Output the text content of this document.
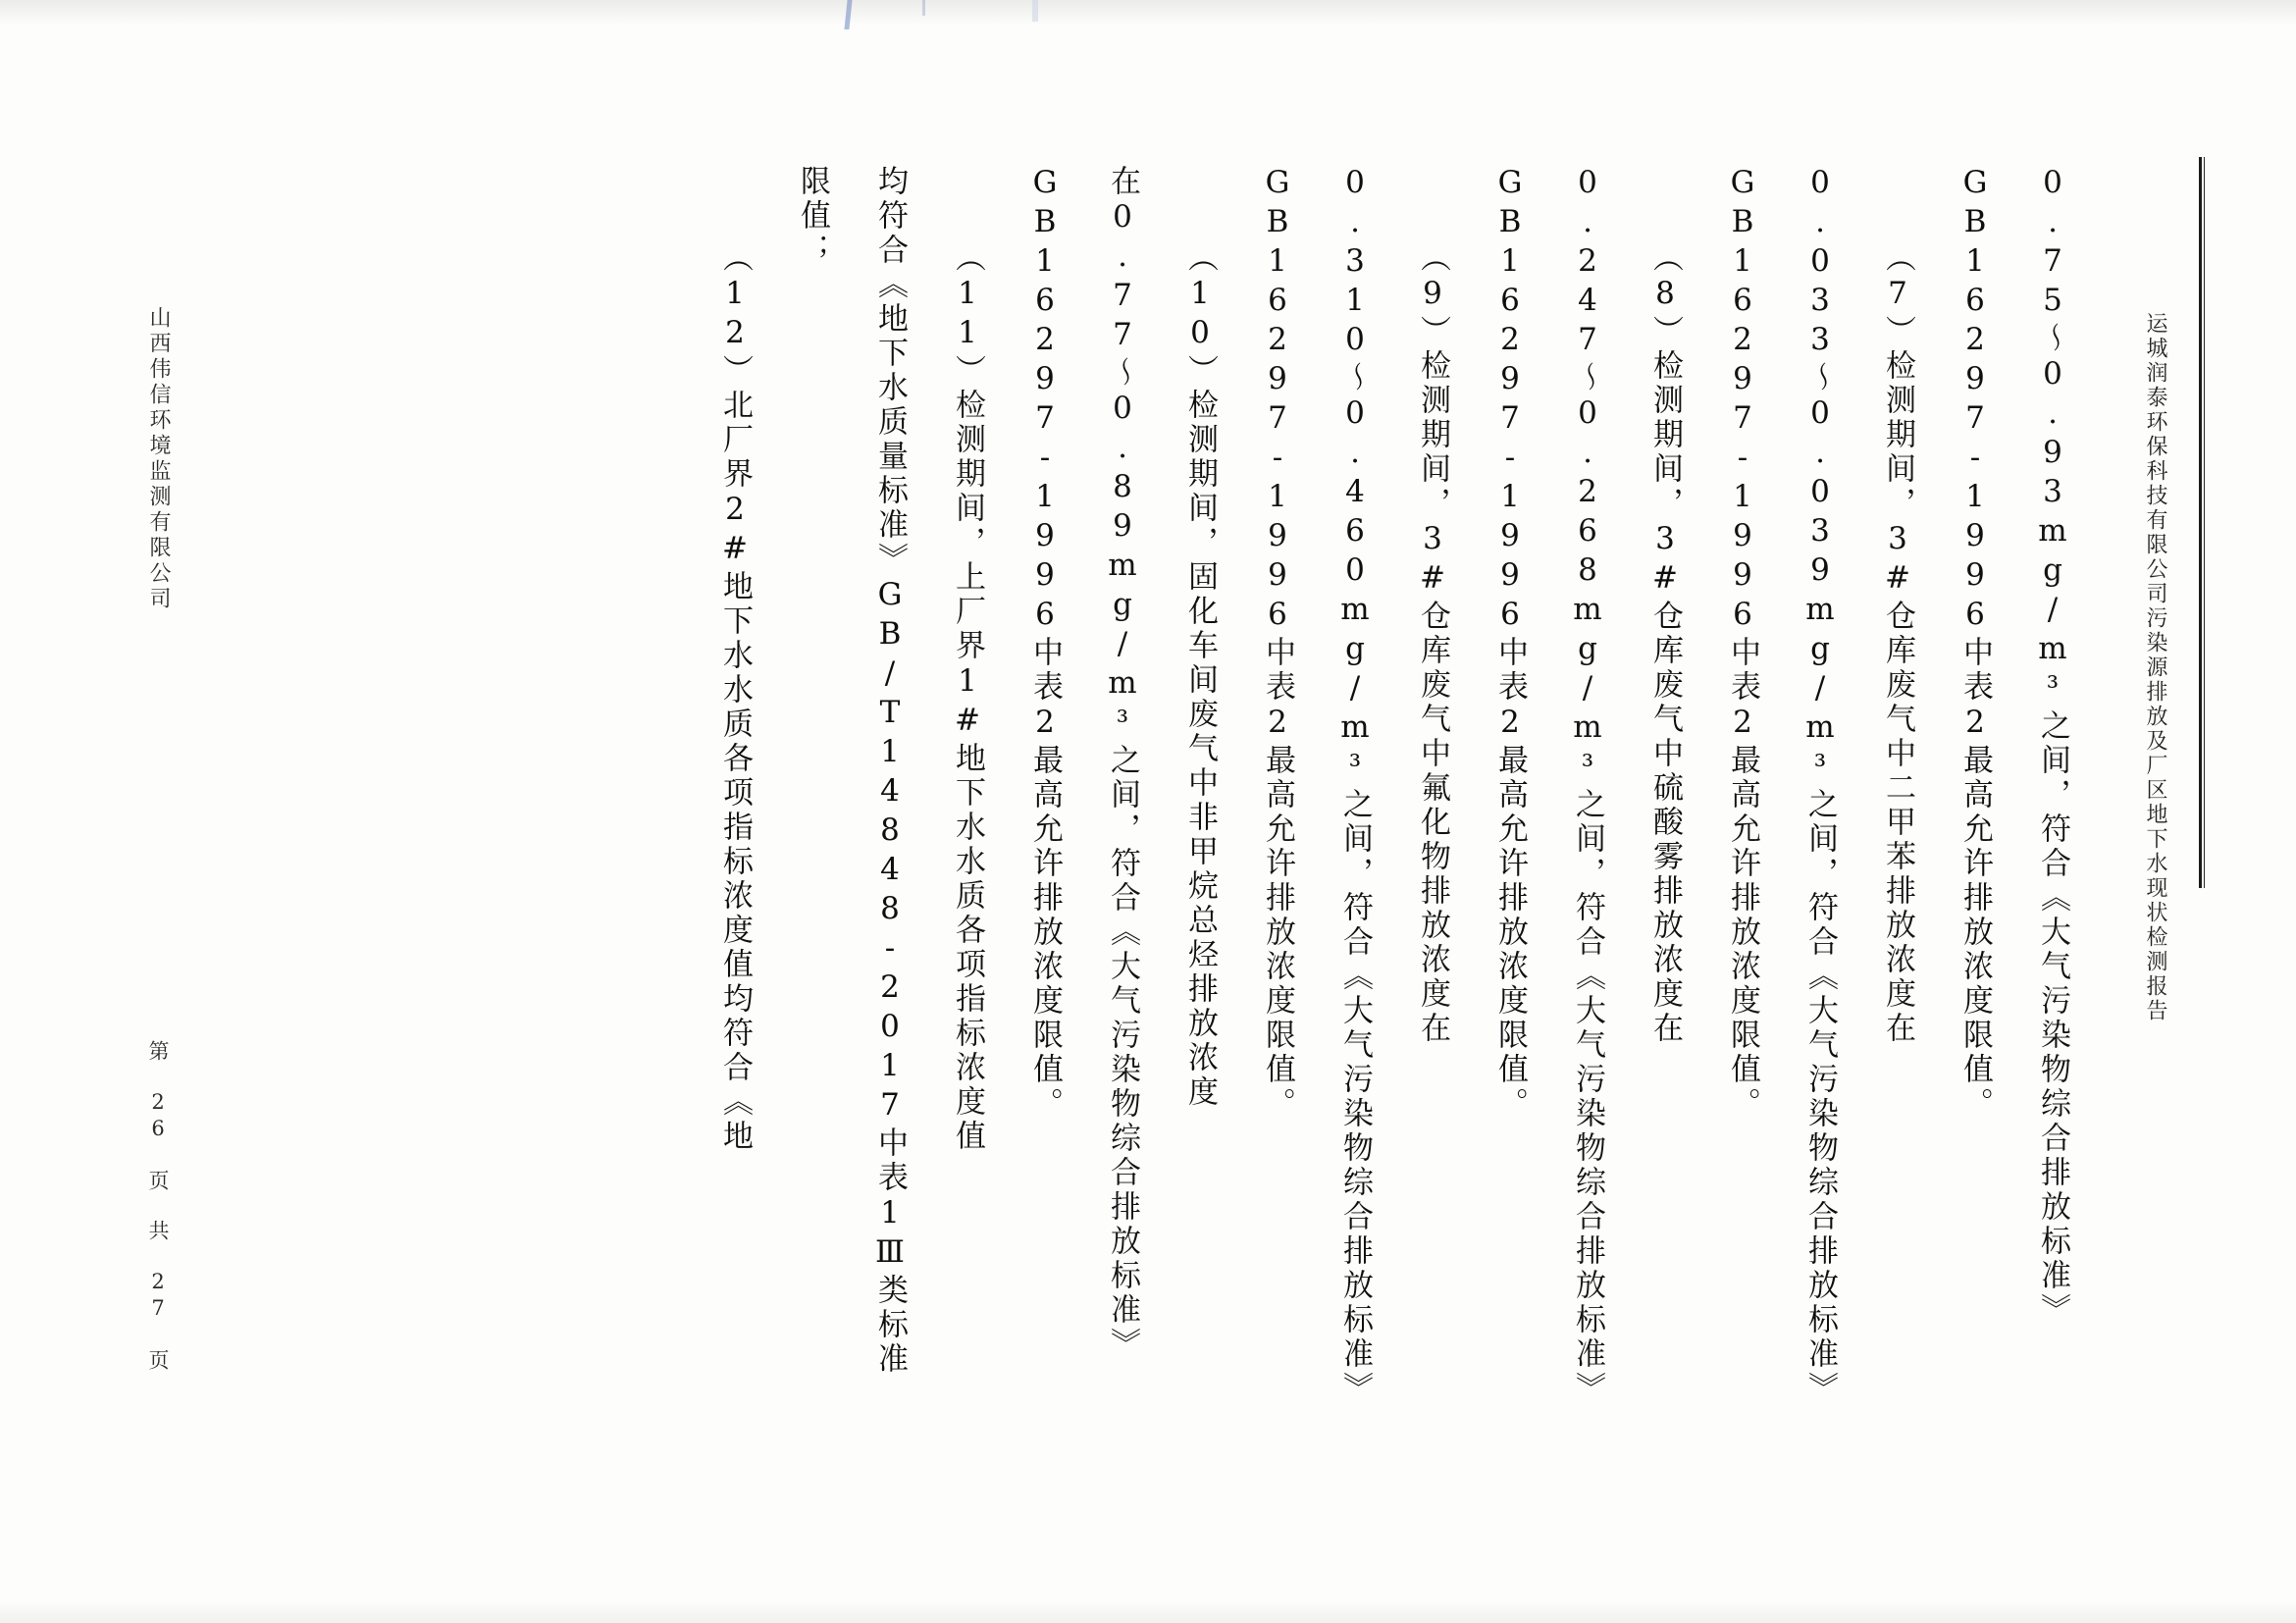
运城润泰环保科技有限公司污染源排放及厂区地下水现状检测报告
0.75～0.93mg/m³之间，符合《大气污染物综合排放标准》
GB16297-1996中表2最高允许排放浓度限值。
（7）检测期间，3#仓库废气中二甲苯排放浓度在
0.033～0.039mg/m³之间，符合《大气污染物综合排放标准》
GB16297-1996中表2最高允许排放浓度限值。
（8）检测期间，3#仓库废气中硫酸雾排放浓度在
0.247～0.268mg/m³之间，符合《大气污染物综合排放标准》
GB16297-1996中表2最高允许排放浓度限值。
（9）检测期间，3#仓库废气中氟化物排放浓度在
0.310～0.460mg/m³之间，符合《大气污染物综合排放标准》
GB16297-1996中表2最高允许排放浓度限值。
（10）检测期间，固化车间废气中非甲烷总烃排放浓度
在0.77～0.89mg/m³之间，符合《大气污染物综合排放标准》
GB16297-1996中表2最高允许排放浓度限值。
（11）检测期间，上厂界1#地下水水质各项指标浓度值
均符合《地下水质量标准》GB/T14848-2017中表1Ⅲ类标准
限值；
（12）北厂界2#地下水水质各项指标浓度值均符合《地
山西伟信环境监测有限公司
第 26 页 共 27 页
